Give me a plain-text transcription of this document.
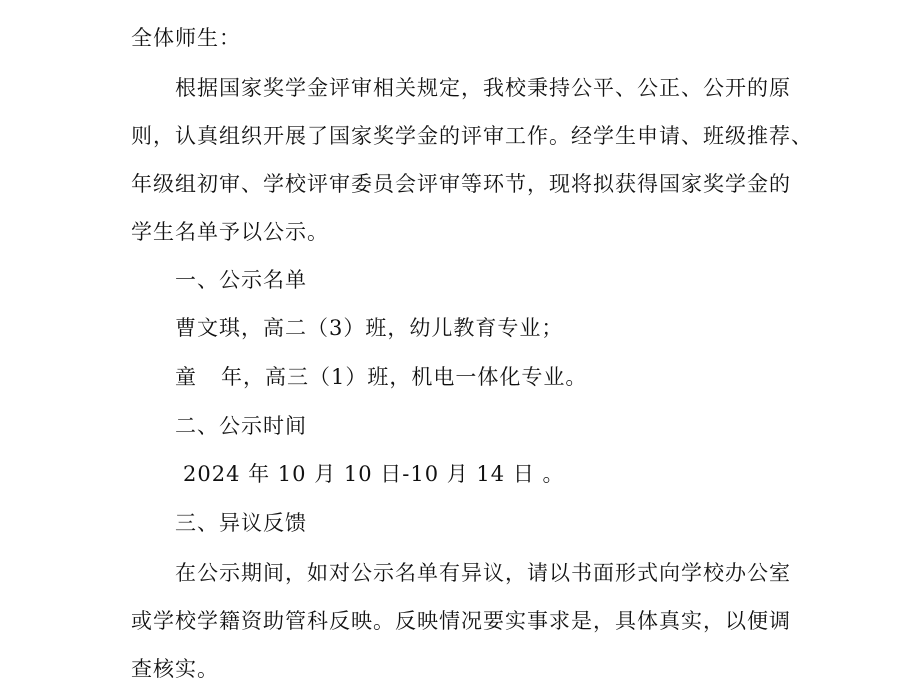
全体师生：
根据国家奖学金评审相关规定，我校秉持公平、公正、公开的原
则，认真组织开展了国家奖学金的评审工作。经学生申请、班级推荐、
年级组初审、学校评审委员会评审等环节，现将拟获得国家奖学金的
学生名单予以公示。
一、公示名单
曹文琪，高二（3）班，幼儿教育专业；
童 年，高三（1）班，机电一体化专业。
二、公示时间
2024 年 10 月 10 日-10 月 14 日 。
三、异议反馈
在公示期间，如对公示名单有异议，请以书面形式向学校办公室
或学校学籍资助管科反映。反映情况要实事求是，具体真实，以便调
查核实。
